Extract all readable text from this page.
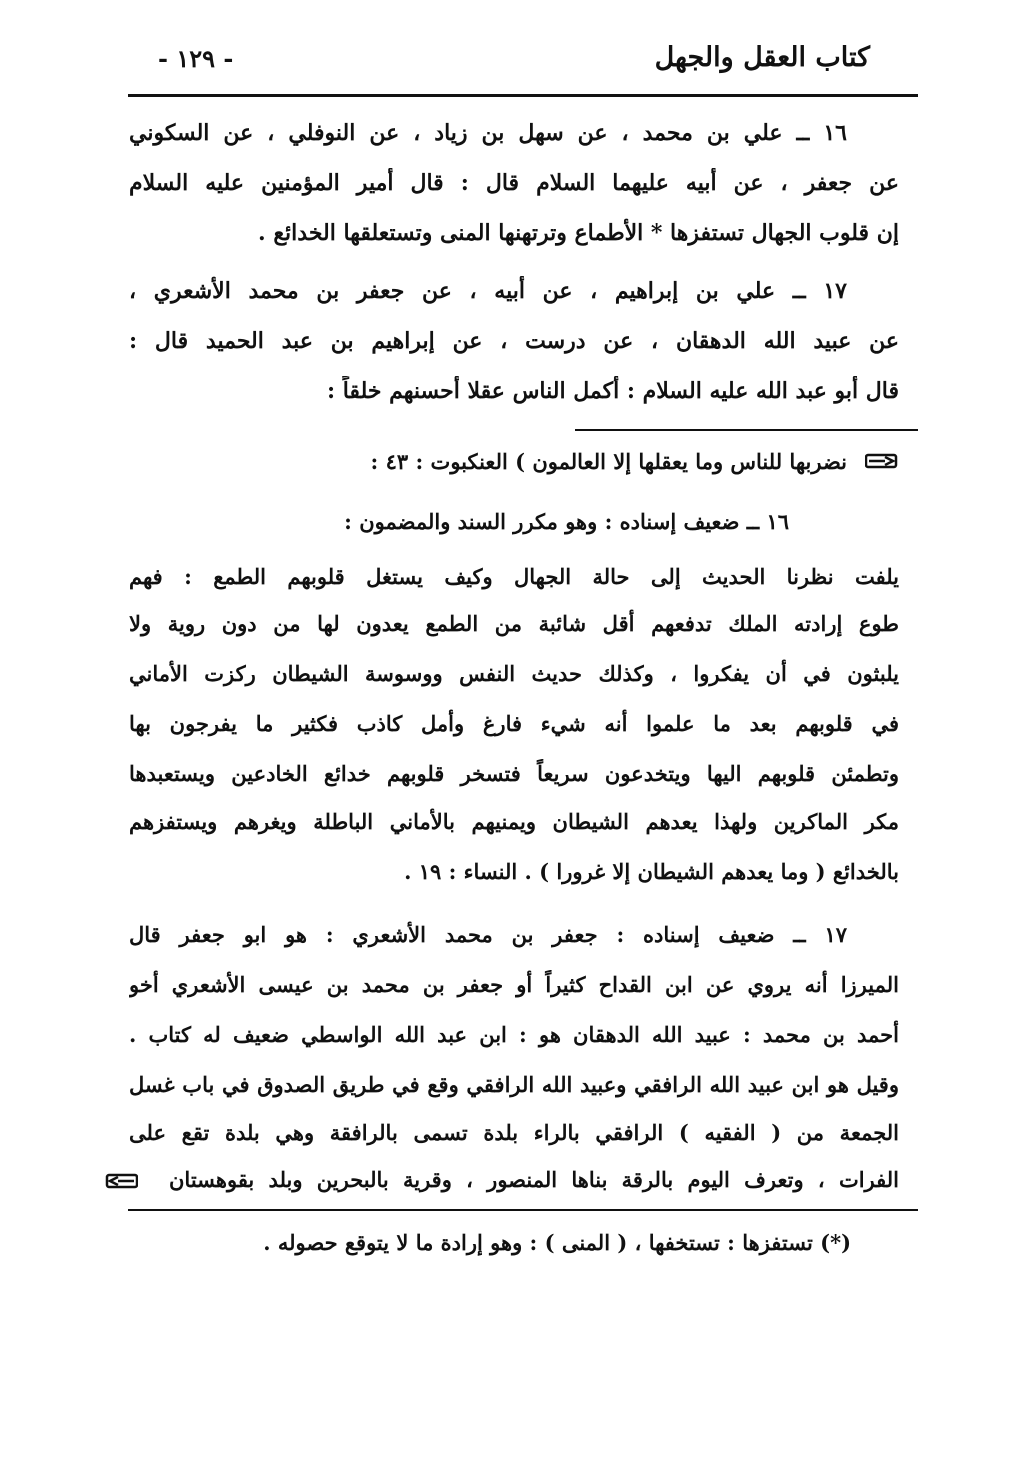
كتاب العقل والجهل
- ١٢٩ -
١٦ ــ علي بن محمد ، عن سهل بن زياد ، عن النوفلي ، عن السكوني
عن جعفر ، عن أبيه عليهما السلام قال : قال أمير المؤمنين عليه السلام
إن قلوب الجهال تستفزها * الأطماع وترتهنها المنى وتستعلقها الخدائع .
١٧ ــ علي بن إبراهيم ، عن أبيه ، عن جعفر بن محمد الأشعري ،
عن عبيد الله الدهقان ، عن درست ، عن إبراهيم بن عبد الحميد قال :
قال أبو عبد الله عليه السلام : أكمل الناس عقلا أحسنهم خلقاً :
نضربها للناس وما يعقلها إلا العالمون ) العنكبوت : ٤٣ :
١٦ ــ ضعيف إسناده : وهو مكرر السند والمضمون :
يلفت نظرنا الحديث إلى حالة الجهال وكيف يستغل قلوبهم الطمع : فهم
طوع إرادته الملك تدفعهم أقل شائبة من الطمع يعدون لها من دون روية ولا
يلبثون في أن يفكروا ، وكذلك حديث النفس ووسوسة الشيطان ركزت الأماني
في قلوبهم بعد ما علموا أنه شيء فارغ وأمل كاذب فكثير ما يفرجون بها
وتطمئن قلوبهم اليها ويتخدعون سريعاً فتسخر قلوبهم خدائع الخادعين ويستعبدها
مكر الماكرين ولهذا يعدهم الشيطان ويمنيهم بالأماني الباطلة ويغرهم ويستفزهم
بالخدائع ( وما يعدهم الشيطان إلا غرورا ) . النساء : ١٩ .
١٧ ــ ضعيف إسناده : جعفر بن محمد الأشعري : هو ابو جعفر قال
الميرزا أنه يروي عن ابن القداح كثيراً أو جعفر بن محمد بن عيسى الأشعري أخو
أحمد بن محمد : عبيد الله الدهقان هو : ابن عبد الله الواسطي ضعيف له كتاب .
وقيل هو ابن عبيد الله الرافقي وعبيد الله الرافقي وقع في طريق الصدوق في باب غسل
الجمعة من ( الفقيه ) الرافقي بالراء بلدة تسمى بالرافقة وهي بلدة تقع على
الفرات ، وتعرف اليوم بالرقة بناها المنصور ، وقرية بالبحرين وبلد بقوهستان
(*) تستفزها : تستخفها ، ( المنى ) : وهو إرادة ما لا يتوقع حصوله .
